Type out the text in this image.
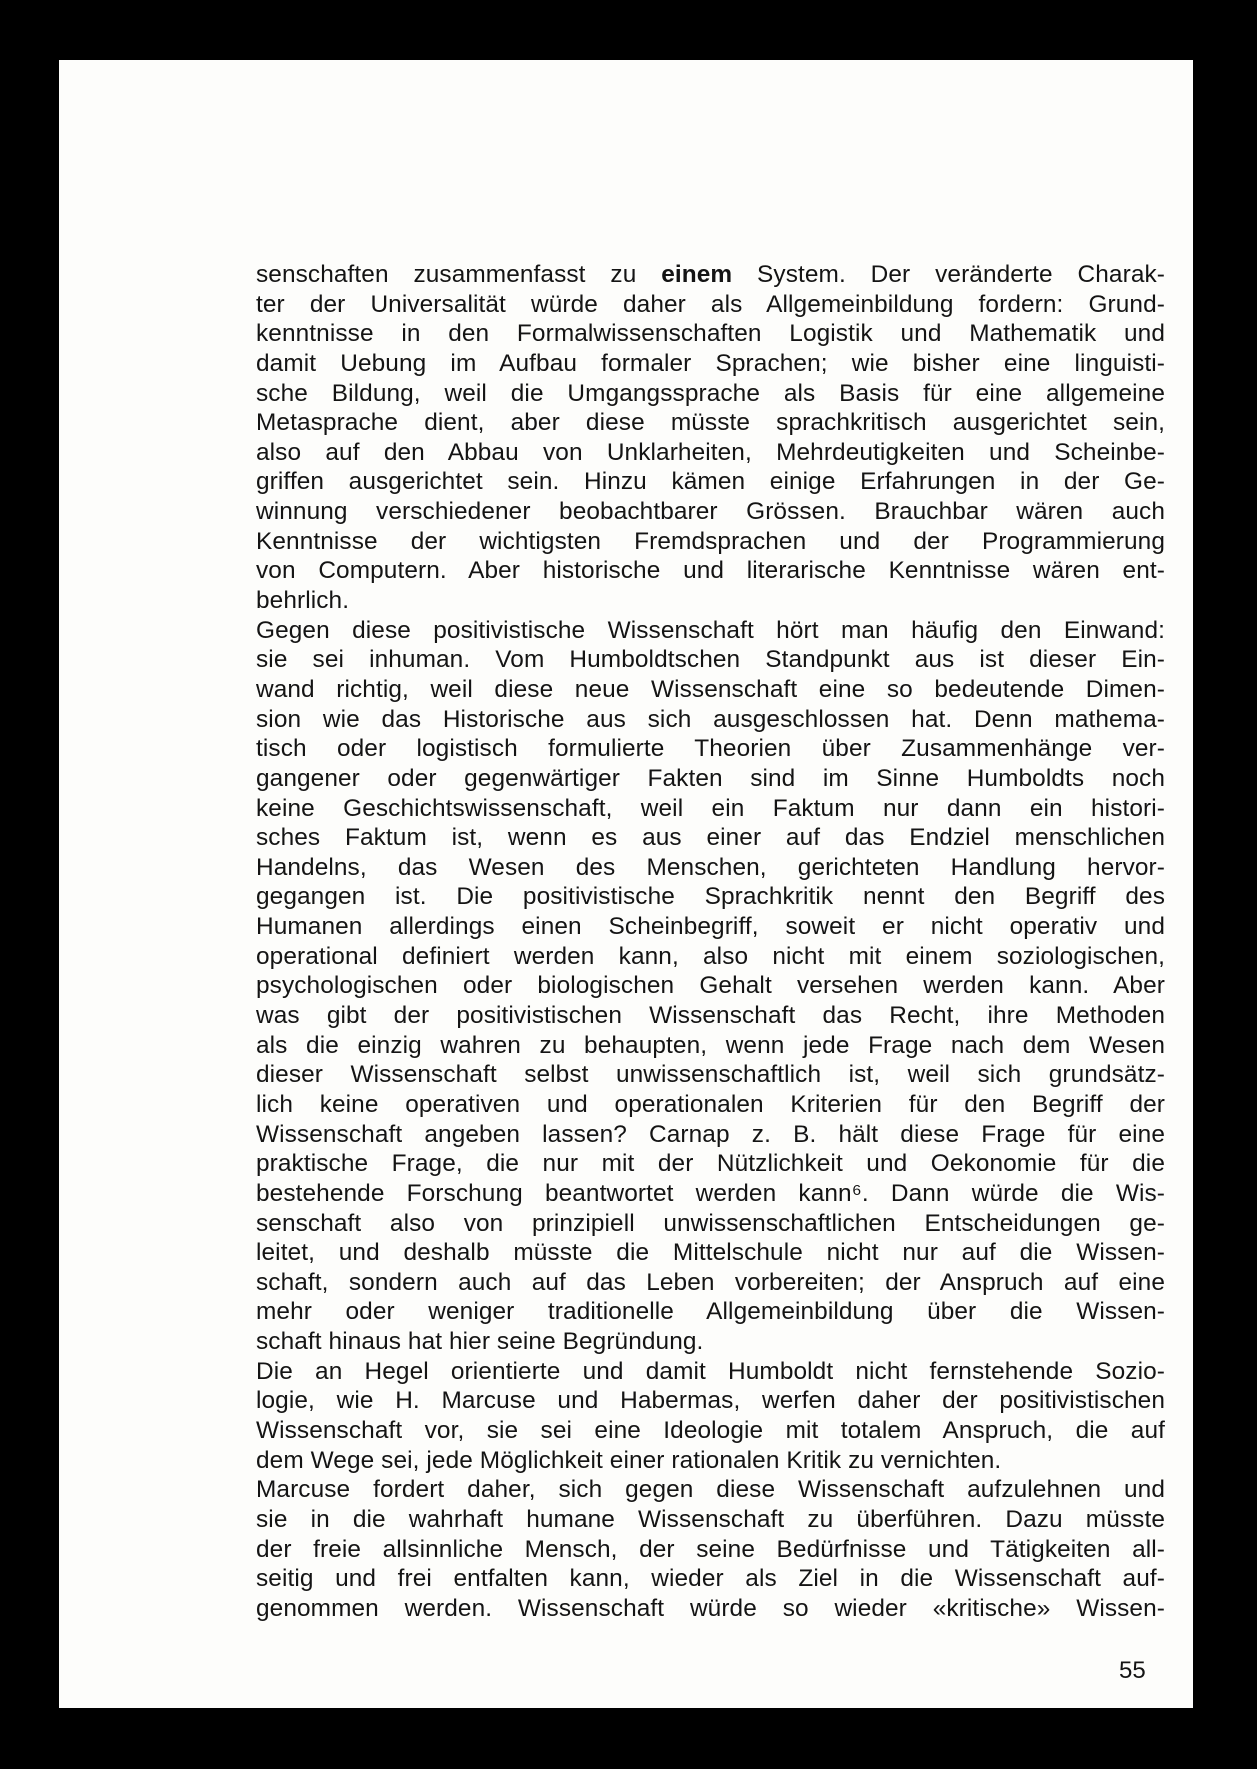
senschaften zusammenfasst zu einem System. Der veränderte Charak-
ter der Universalität würde daher als Allgemeinbildung fordern: Grund-
kenntnisse in den Formalwissenschaften Logistik und Mathematik und
damit Uebung im Aufbau formaler Sprachen; wie bisher eine linguisti-
sche Bildung, weil die Umgangssprache als Basis für eine allgemeine
Metasprache dient, aber diese müsste sprachkritisch ausgerichtet sein,
also auf den Abbau von Unklarheiten, Mehrdeutigkeiten und Scheinbe-
griffen ausgerichtet sein. Hinzu kämen einige Erfahrungen in der Ge-
winnung verschiedener beobachtbarer Grössen. Brauchbar wären auch
Kenntnisse der wichtigsten Fremdsprachen und der Programmierung
von Computern. Aber historische und literarische Kenntnisse wären ent-
behrlich.
Gegen diese positivistische Wissenschaft hört man häufig den Einwand:
sie sei inhuman. Vom Humboldtschen Standpunkt aus ist dieser Ein-
wand richtig, weil diese neue Wissenschaft eine so bedeutende Dimen-
sion wie das Historische aus sich ausgeschlossen hat. Denn mathema-
tisch oder logistisch formulierte Theorien über Zusammenhänge ver-
gangener oder gegenwärtiger Fakten sind im Sinne Humboldts noch
keine Geschichtswissenschaft, weil ein Faktum nur dann ein histori-
sches Faktum ist, wenn es aus einer auf das Endziel menschlichen
Handelns, das Wesen des Menschen, gerichteten Handlung hervor-
gegangen ist. Die positivistische Sprachkritik nennt den Begriff des
Humanen allerdings einen Scheinbegriff, soweit er nicht operativ und
operational definiert werden kann, also nicht mit einem soziologischen,
psychologischen oder biologischen Gehalt versehen werden kann. Aber
was gibt der positivistischen Wissenschaft das Recht, ihre Methoden
als die einzig wahren zu behaupten, wenn jede Frage nach dem Wesen
dieser Wissenschaft selbst unwissenschaftlich ist, weil sich grundsätz-
lich keine operativen und operationalen Kriterien für den Begriff der
Wissenschaft angeben lassen? Carnap z. B. hält diese Frage für eine
praktische Frage, die nur mit der Nützlichkeit und Oekonomie für die
bestehende Forschung beantwortet werden kann⁶. Dann würde die Wis-
senschaft also von prinzipiell unwissenschaftlichen Entscheidungen ge-
leitet, und deshalb müsste die Mittelschule nicht nur auf die Wissen-
schaft, sondern auch auf das Leben vorbereiten; der Anspruch auf eine
mehr oder weniger traditionelle Allgemeinbildung über die Wissen-
schaft hinaus hat hier seine Begründung.
Die an Hegel orientierte und damit Humboldt nicht fernstehende Sozio-
logie, wie H. Marcuse und Habermas, werfen daher der positivistischen
Wissenschaft vor, sie sei eine Ideologie mit totalem Anspruch, die auf
dem Wege sei, jede Möglichkeit einer rationalen Kritik zu vernichten.
Marcuse fordert daher, sich gegen diese Wissenschaft aufzulehnen und
sie in die wahrhaft humane Wissenschaft zu überführen. Dazu müsste
der freie allsinnliche Mensch, der seine Bedürfnisse und Tätigkeiten all-
seitig und frei entfalten kann, wieder als Ziel in die Wissenschaft auf-
genommen werden. Wissenschaft würde so wieder «kritische» Wissen-
55
